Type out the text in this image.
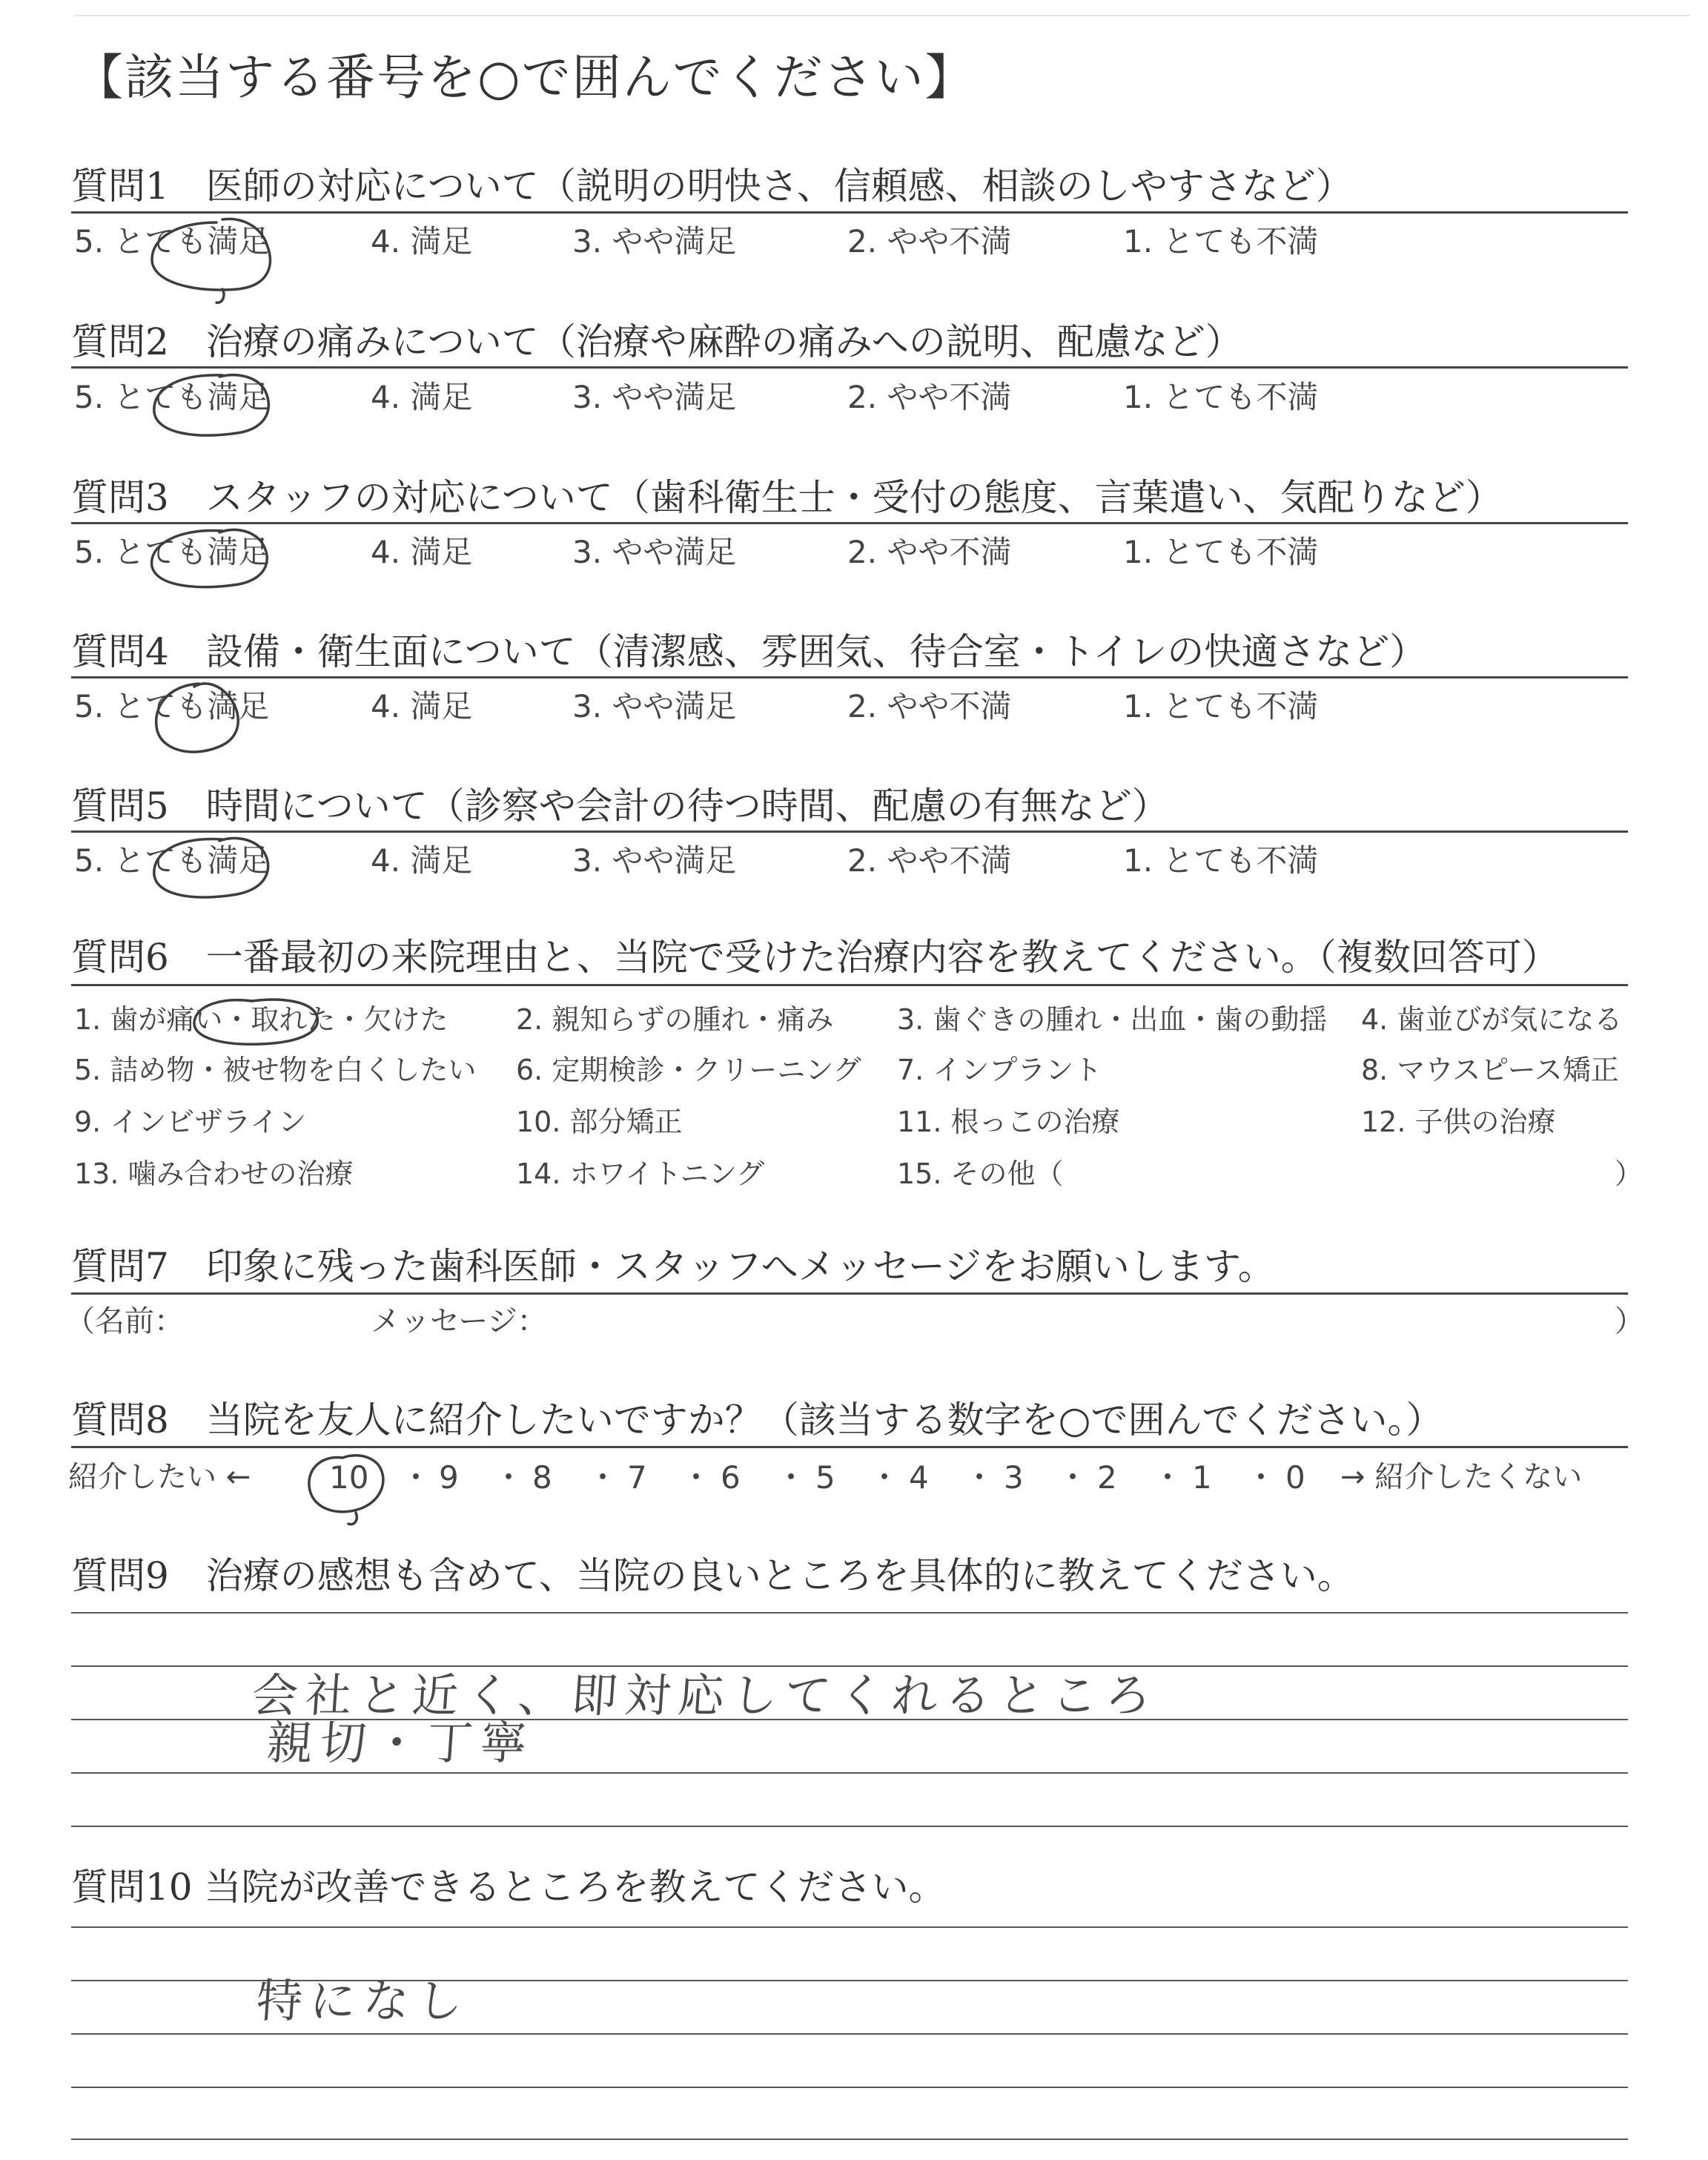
【該当する番号を○で囲んでください】
質問1　医師の対応について（説明の明快さ、信頼感、相談のしやすさなど）
5. とても満足	4. 満足	3. やや満足	2. やや不満	1. とても不満
質問2　治療の痛みについて（治療や麻酔の痛みへの説明、配慮など）
5. とても満足	4. 満足	3. やや満足	2. やや不満	1. とても不満
質問3　スタッフの対応について（歯科衛生士・受付の態度、言葉遣い、気配りなど）
5. とても満足	4. 満足	3. やや満足	2. やや不満	1. とても不満
質問4　設備・衛生面について（清潔感、雰囲気、待合室・トイレの快適さなど）
5. とても満足	4. 満足	3. やや満足	2. やや不満	1. とても不満
質問5　時間について（診察や会計の待つ時間、配慮の有無など）
5. とても満足	4. 満足	3. やや満足	2. やや不満	1. とても不満
質問6　一番最初の来院理由と、当院で受けた治療内容を教えてください。（複数回答可）
1. 歯が痛い・取れた・欠けた 2. 親知らずの腫れ・痛み 3. 歯ぐきの腫れ・出血・歯の動揺 4. 歯並びが気になる
5. 詰め物・被せ物を白くしたい 6. 定期検診・クリーニング 7. インプラント	8. マウスピース矯正
9. インビザライン	10. 部分矯正	11. 根っこの治療	12. 子供の治療
13. 噛み合わせの治療	14. ホワイトニング	15. その他（	）
質問7　印象に残った歯科医師・スタッフへメッセージをお願いします。
（名前：	メッセージ：	）
質問8　当院を友人に紹介したいですか？（該当する数字を○で囲んでください。）
紹介したい ←	10 9 8 7 6 5 4 3 2 1 0 → 紹介したくない
質問9　治療の感想も含めて、当院の良いところを具体的に教えてください。
会社と近く、即対応してくれるところ
親切・丁寧
質問10 当院が改善できるところを教えてください。
特になし
・ ・ ・ ・ ・ ・ ・ ・ ・ ・
